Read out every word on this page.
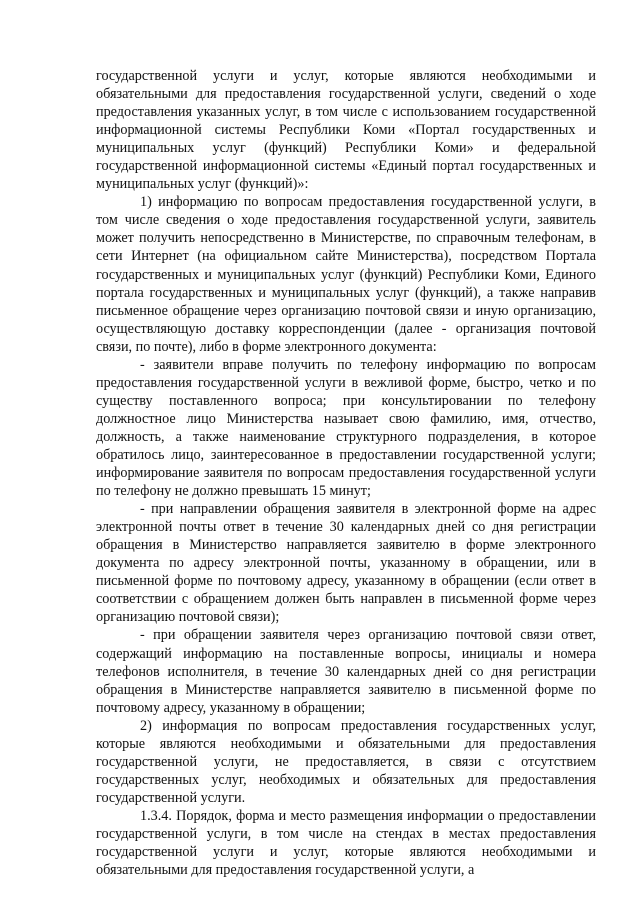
государственной услуги и услуг, которые являются необходимыми и обязательными для предоставления государственной услуги, сведений о ходе предоставления указанных услуг, в том числе с использованием государственной информационной системы Республики Коми «Портал государственных и муниципальных услуг (функций) Республики Коми» и федеральной государственной информационной системы «Единый портал государственных и муниципальных услуг (функций)»:

1) информацию по вопросам предоставления государственной услуги, в том числе сведения о ходе предоставления государственной услуги, заявитель может получить непосредственно в Министерстве, по справочным телефонам, в сети Интернет (на официальном сайте Министерства), посредством Портала государственных и муниципальных услуг (функций) Республики Коми, Единого портала государственных и муниципальных услуг (функций), а также направив письменное обращение через организацию почтовой связи и иную организацию, осуществляющую доставку корреспонденции (далее - организация почтовой связи, по почте), либо в форме электронного документа:

- заявители вправе получить по телефону информацию по вопросам предоставления государственной услуги в вежливой форме, быстро, четко и по существу поставленного вопроса; при консультировании по телефону должностное лицо Министерства называет свою фамилию, имя, отчество, должность, а также наименование структурного подразделения, в которое обратилось лицо, заинтересованное в предоставлении государственной услуги; информирование заявителя по вопросам предоставления государственной услуги по телефону не должно превышать 15 минут;

- при направлении обращения заявителя в электронной форме на адрес электронной почты ответ в течение 30 календарных дней со дня регистрации обращения в Министерство направляется заявителю в форме электронного документа по адресу электронной почты, указанному в обращении, или в письменной форме по почтовому адресу, указанному в обращении (если ответ в соответствии с обращением должен быть направлен в письменной форме через организацию почтовой связи);

- при обращении заявителя через организацию почтовой связи ответ, содержащий информацию на поставленные вопросы, инициалы и номера телефонов исполнителя, в течение 30 календарных дней со дня регистрации обращения в Министерстве направляется заявителю в письменной форме по почтовому адресу, указанному в обращении;

2) информация по вопросам предоставления государственных услуг, которые являются необходимыми и обязательными для предоставления государственной услуги, не предоставляется, в связи с отсутствием государственных услуг, необходимых и обязательных для предоставления государственной услуги.

1.3.4. Порядок, форма и место размещения информации о предоставлении государственной услуги, в том числе на стендах в местах предоставления государственной услуги и услуг, которые являются необходимыми и обязательными для предоставления государственной услуги, а
